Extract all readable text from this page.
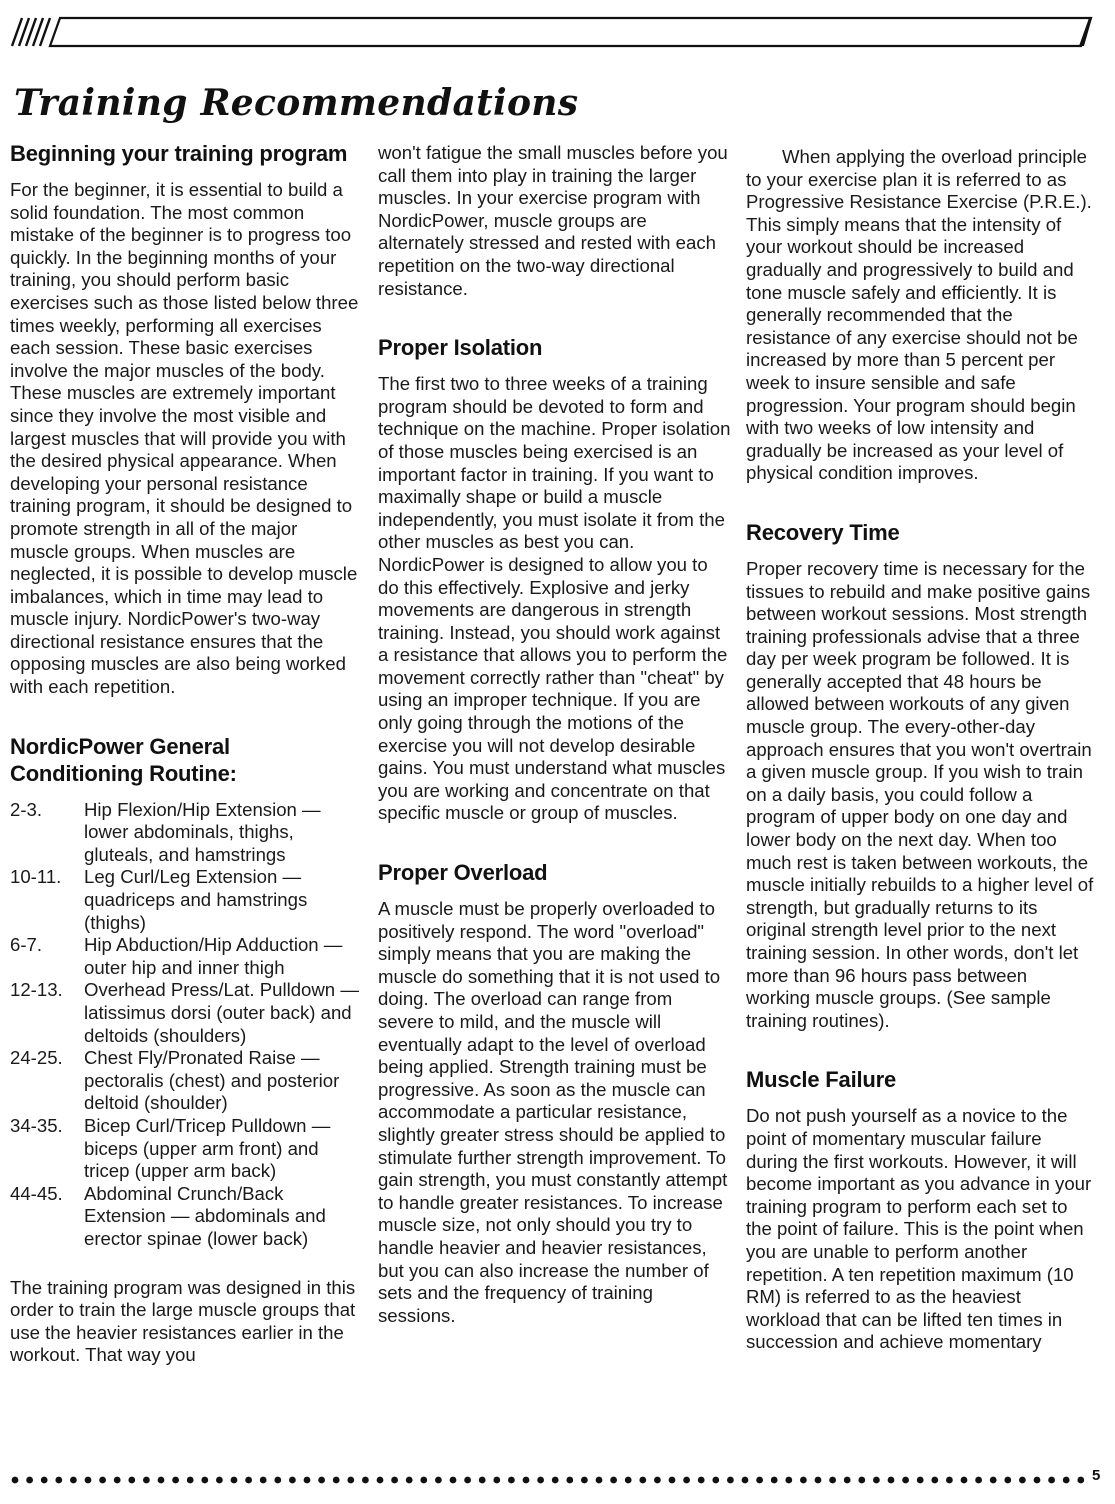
Training Recommendations
Beginning your training program

For the beginner, it is essential to build a solid foundation. The most common mistake of the beginner is to progress too quickly. In the beginning months of your training, you should perform basic exercises such as those listed below three times weekly, performing all exercises each session. These basic exercises involve the major muscles of the body. These muscles are extremely important since they involve the most visible and largest muscles that will provide you with the desired physical appearance. When developing your personal resistance training program, it should be designed to promote strength in all of the major muscle groups. When muscles are neglected, it is possible to develop muscle imbalances, which in time may lead to muscle injury. NordicPower's two-way directional resistance ensures that the opposing muscles are also being worked with each repetition.

NordicPower General Conditioning Routine:
2-3.	Hip Flexion/Hip Extension — lower abdominals, thighs, gluteals, and hamstrings
10-11.	Leg Curl/Leg Extension — quadriceps and hamstrings (thighs)
6-7.	Hip Abduction/Hip Adduction — outer hip and inner thigh
12-13.	Overhead Press/Lat. Pulldown — latissimus dorsi (outer back) and deltoids (shoulders)
24-25.	Chest Fly/Pronated Raise — pectoralis (chest) and posterior deltoid (shoulder)
34-35.	Bicep Curl/Tricep Pulldown — biceps (upper arm front) and tricep (upper arm back)
44-45.	Abdominal Crunch/Back Extension — abdominals and erector spinae (lower back)

The training program was designed in this order to train the large muscle groups that use the heavier resistances earlier in the workout. That way you

won't fatigue the small muscles before you call them into play in training the larger muscles. In your exercise program with NordicPower, muscle groups are alternately stressed and rested with each repetition on the two-way directional resistance.

Proper Isolation

The first two to three weeks of a training program should be devoted to form and technique on the machine. Proper isolation of those muscles being exercised is an important factor in training. If you want to maximally shape or build a muscle independently, you must isolate it from the other muscles as best you can. NordicPower is designed to allow you to do this effectively. Explosive and jerky movements are dangerous in strength training. Instead, you should work against a resistance that allows you to perform the movement correctly rather than "cheat" by using an improper technique. If you are only going through the motions of the exercise you will not develop desirable gains. You must understand what muscles you are working and concentrate on that specific muscle or group of muscles.

Proper Overload

A muscle must be properly overloaded to positively respond. The word "overload" simply means that you are making the muscle do something that it is not used to doing. The overload can range from severe to mild, and the muscle will eventually adapt to the level of overload being applied. Strength training must be progressive. As soon as the muscle can accommodate a particular resistance, slightly greater stress should be applied to stimulate further strength improvement. To gain strength, you must constantly attempt to handle greater resistances. To increase muscle size, not only should you try to handle heavier and heavier resistances, but you can also increase the number of sets and the frequency of training sessions.

When applying the overload principle to your exercise plan it is referred to as Progressive Resistance Exercise (P.R.E.). This simply means that the intensity of your workout should be increased gradually and progressively to build and tone muscle safely and efficiently. It is generally recommended that the resistance of any exercise should not be increased by more than 5 percent per week to insure sensible and safe progression. Your program should begin with two weeks of low intensity and gradually be increased as your level of physical condition improves.

Recovery Time

Proper recovery time is necessary for the tissues to rebuild and make positive gains between workout sessions. Most strength training professionals advise that a three day per week program be followed. It is generally accepted that 48 hours be allowed between workouts of any given muscle group. The every-other-day approach ensures that you won't overtrain a given muscle group. If you wish to train on a daily basis, you could follow a program of upper body on one day and lower body on the next day. When too much rest is taken between workouts, the muscle initially rebuilds to a higher level of strength, but gradually returns to its original strength level prior to the next training session. In other words, don't let more than 96 hours pass between working muscle groups. (See sample training routines).

Muscle Failure

Do not push yourself as a novice to the point of momentary muscular failure during the first workouts. However, it will become important as you advance in your training program to perform each set to the point of failure. This is the point when you are unable to perform another repetition. A ten repetition maximum (10 RM) is referred to as the heaviest workload that can be lifted ten times in succession and achieve momentary

5
